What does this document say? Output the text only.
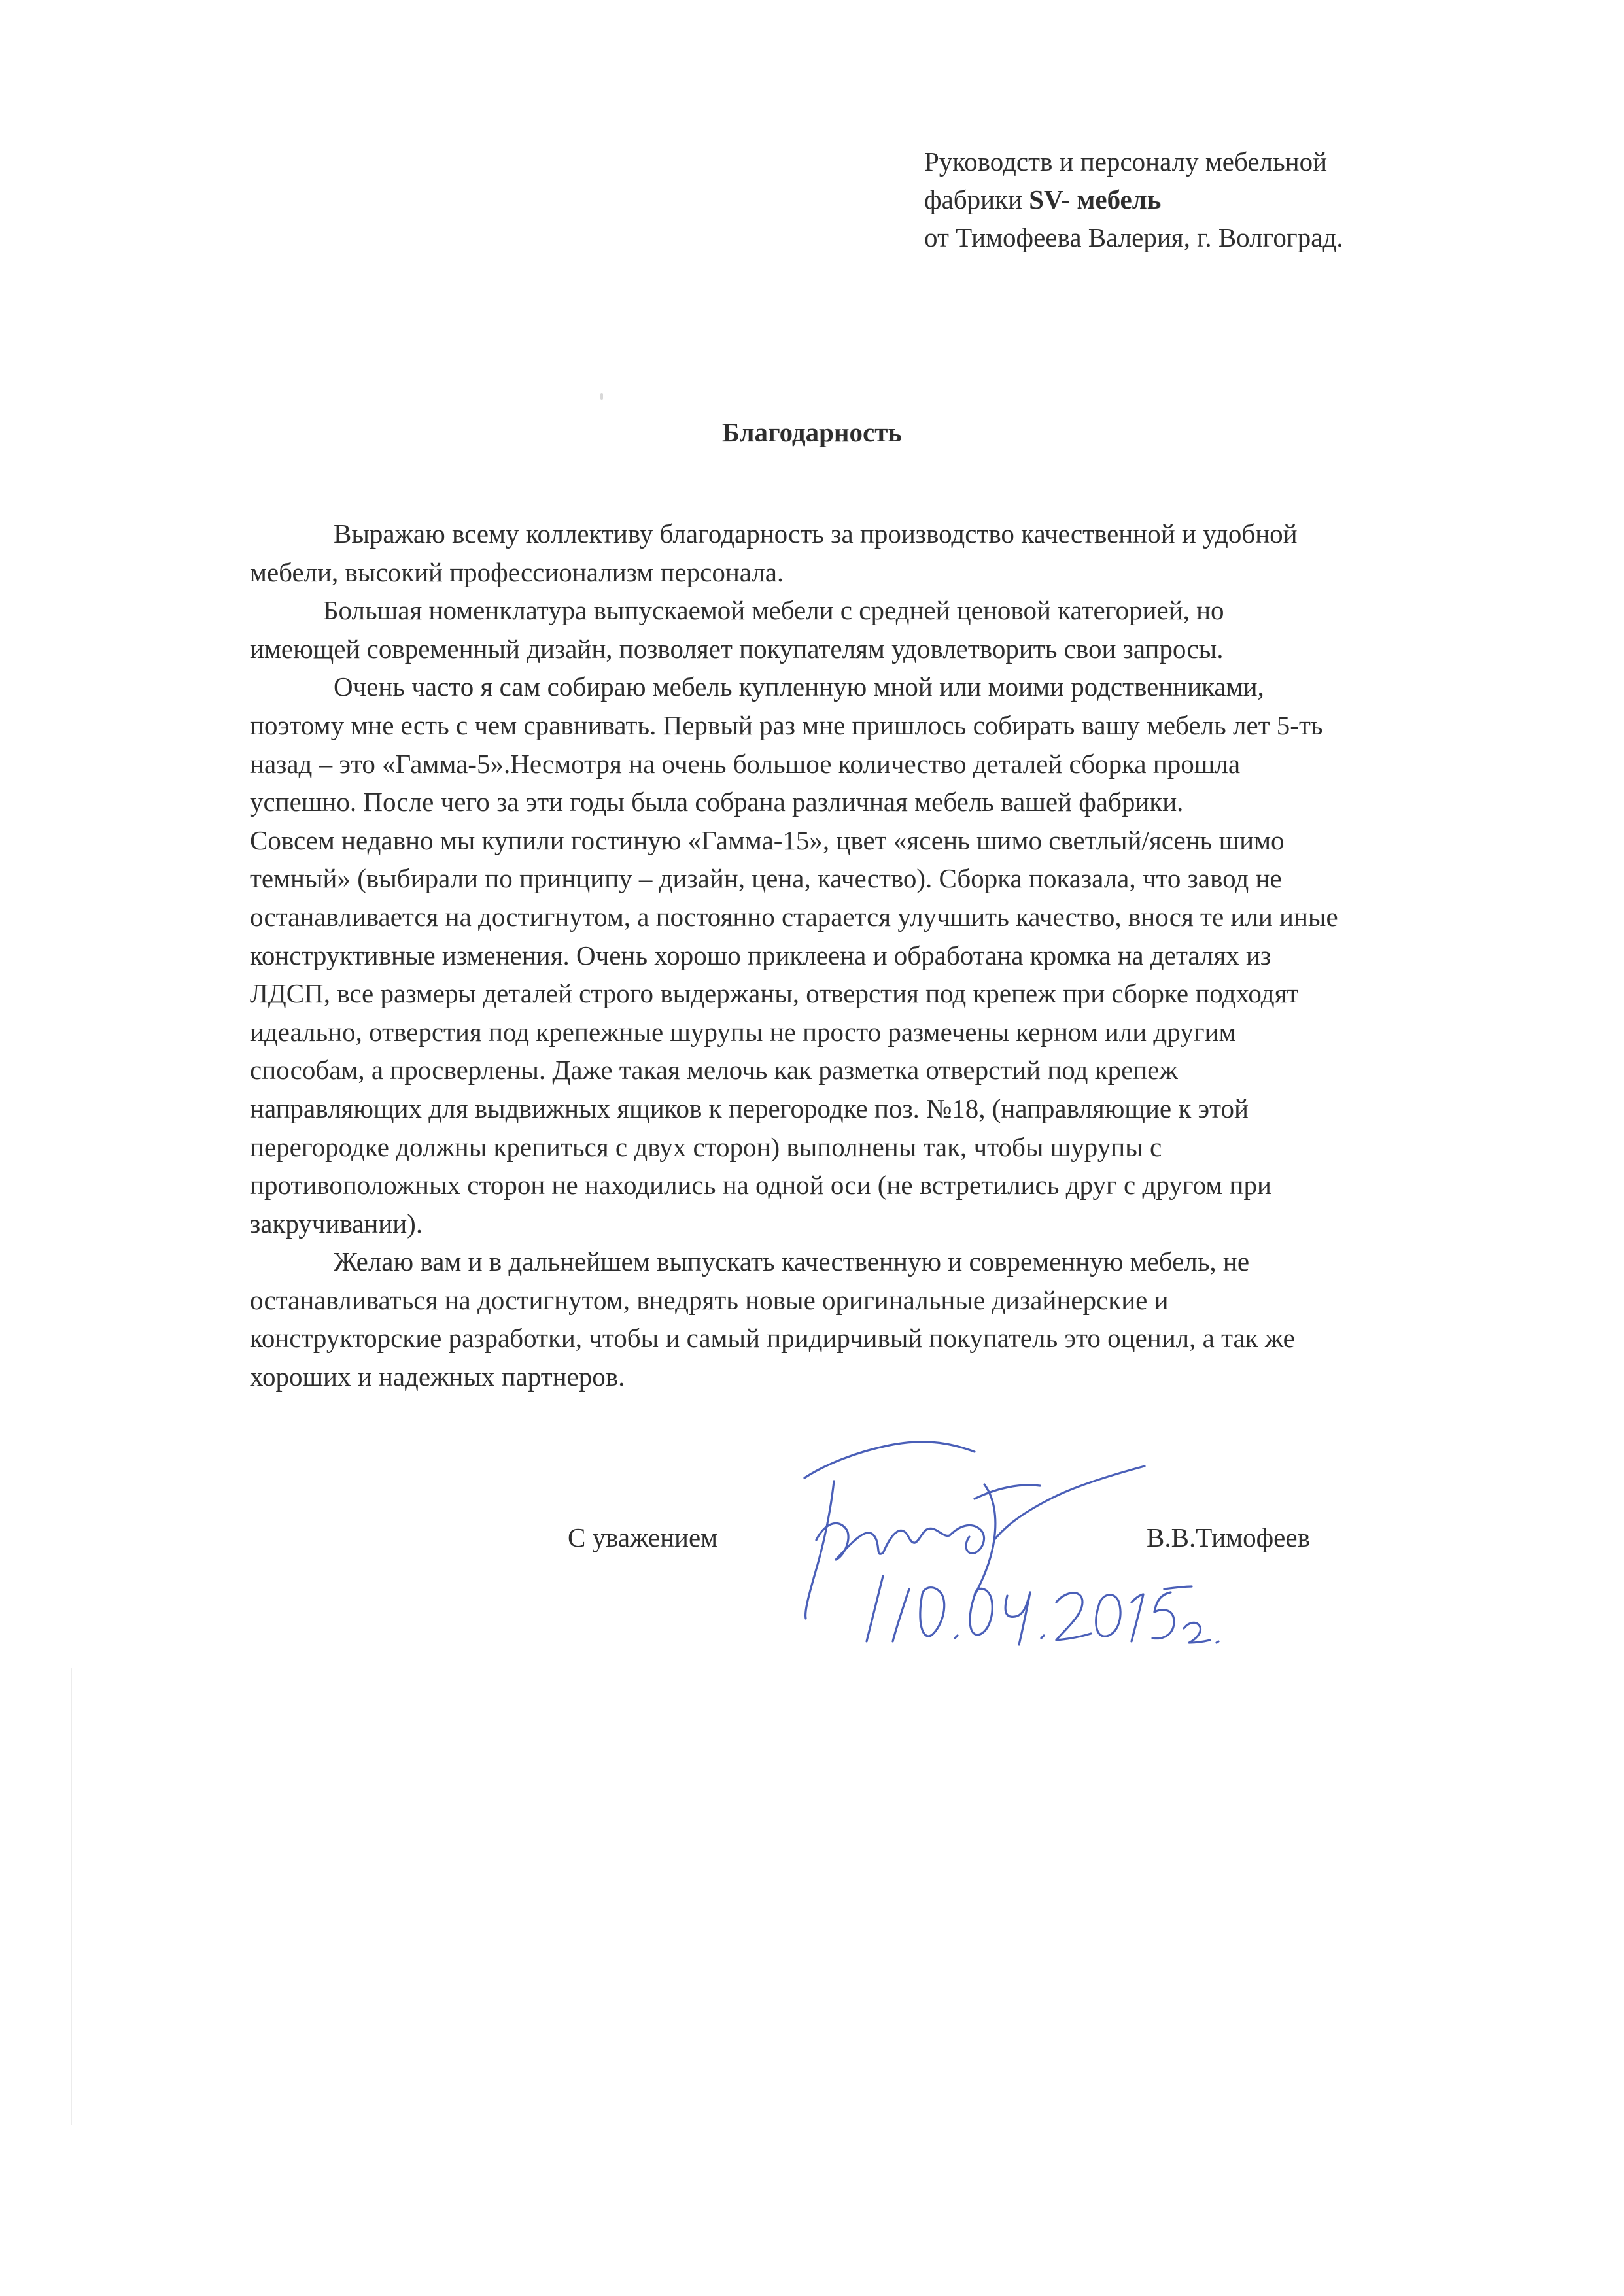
Руководств и персоналу мебельной
фабрики SV- мебель
от Тимофеева Валерия, г. Волгоград.
Благодарность
Выражаю всему коллективу благодарность за производство качественной и удобной
мебели, высокий профессионализм персонала.
Большая номенклатура выпускаемой мебели с средней ценовой категорией, но
имеющей современный дизайн, позволяет покупателям удовлетворить свои запросы.
Очень часто я сам собираю мебель купленную мной или моими родственниками,
поэтому мне есть с чем сравнивать. Первый раз мне пришлось собирать вашу мебель лет 5-ть
назад – это «Гамма-5».Несмотря на очень большое количество деталей сборка прошла
успешно. После чего за эти годы была собрана различная мебель вашей фабрики.
Совсем недавно мы купили гостиную «Гамма-15», цвет «ясень шимо светлый/ясень шимо
темный» (выбирали по принципу – дизайн, цена, качество). Сборка показала, что завод не
останавливается на достигнутом, а постоянно старается улучшить качество, внося те или иные
конструктивные изменения. Очень хорошо приклеена и обработана кромка на деталях из
ЛДСП, все размеры деталей строго выдержаны, отверстия под крепеж при сборке подходят
идеально, отверстия под крепежные шурупы не просто размечены керном или другим
способам, а просверлены. Даже такая мелочь как разметка отверстий под крепеж
направляющих для выдвижных ящиков к перегородке поз. №18, (направляющие к этой
перегородке должны крепиться с двух сторон) выполнены так, чтобы шурупы с
противоположных сторон не находились на одной оси (не встретились друг с другом при
закручивании).
Желаю вам и в дальнейшем выпускать качественную и современную мебель, не
останавливаться на достигнутом, внедрять новые оригинальные дизайнерские и
конструкторские разработки, чтобы и самый придирчивый покупатель это оценил, а так же
хороших и надежных партнеров.
С уважением	В.В.Тимофеев
